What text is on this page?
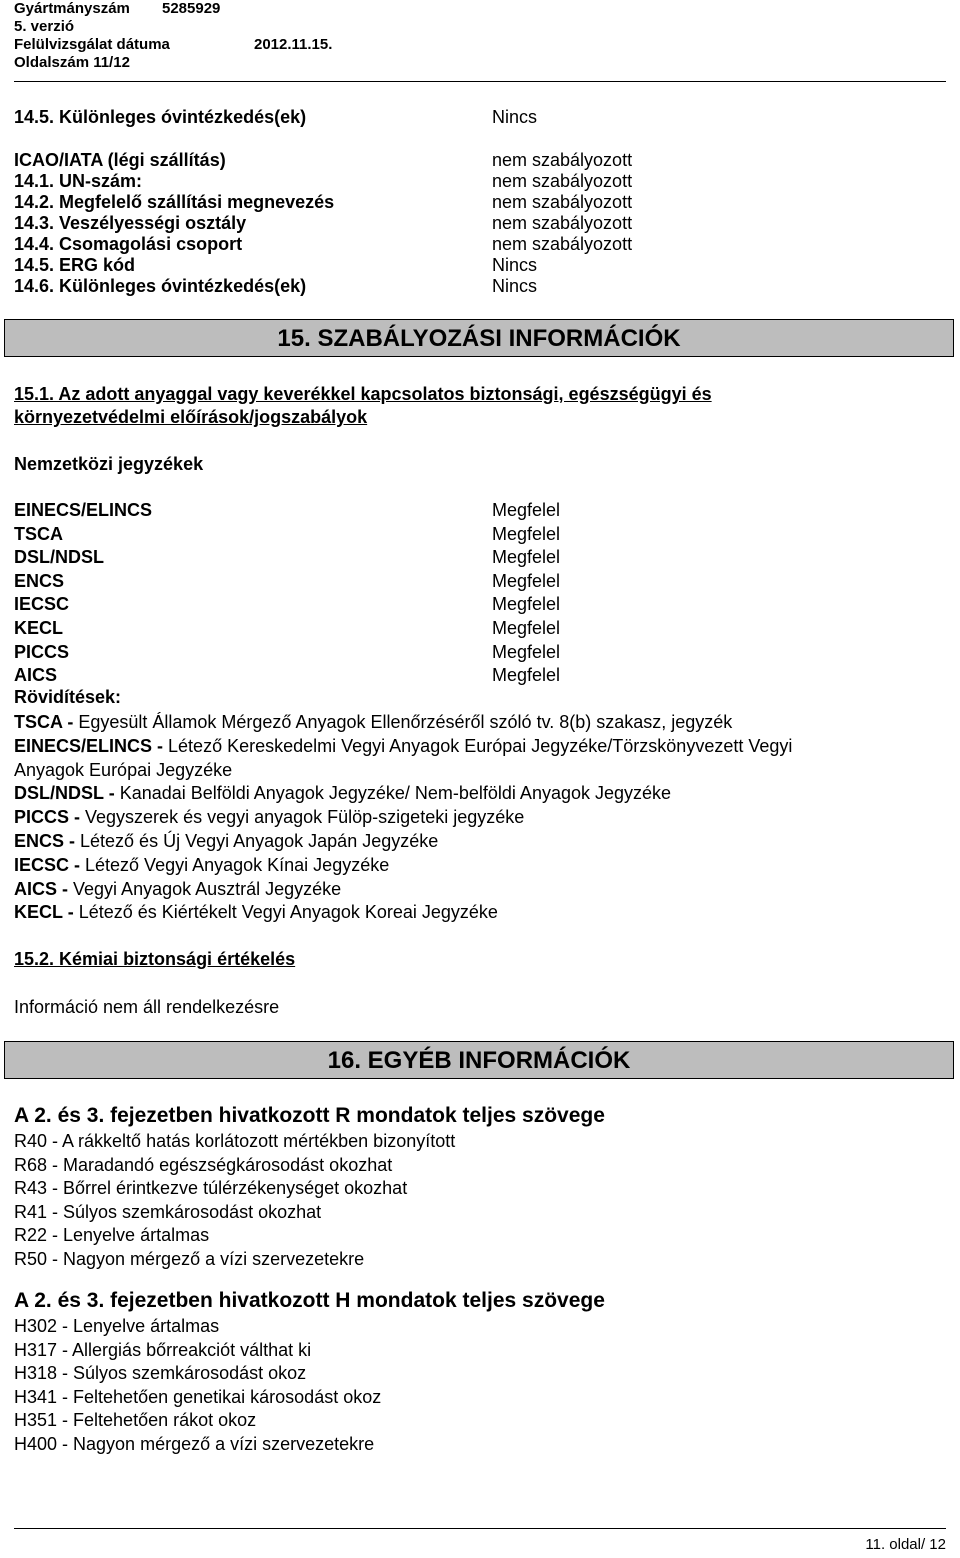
Gyártmányszám 5285929
5. verzió
Felülvizsgálat dátuma	2012.11.15.
Oldalszám 11/12
14.5. Különleges óvintézkedés(ek)	Nincs
ICAO/IATA (légi szállítás)	nem szabályozott
14.1. UN-szám:	nem szabályozott
14.2. Megfelelő szállítási megnevezés	nem szabályozott
14.3. Veszélyességi osztály	nem szabályozott
14.4. Csomagolási csoport	nem szabályozott
14.5. ERG kód	Nincs
14.6. Különleges óvintézkedés(ek)	Nincs
15. SZABÁLYOZÁSI INFORMÁCIÓK
15.1. Az adott anyaggal vagy keverékkel kapcsolatos biztonsági, egészségügyi és
környezetvédelmi előírások/jogszabályok
Nemzetközi jegyzékek
EINECS/ELINCS	Megfelel
TSCA	Megfelel
DSL/NDSL	Megfelel
ENCS	Megfelel
IECSC	Megfelel
KECL	Megfelel
PICCS	Megfelel
AICS	Megfelel
Rövidítések:
TSCA - Egyesült Államok Mérgező Anyagok Ellenőrzéséről szóló tv. 8(b) szakasz, jegyzék
EINECS/ELINCS - Létező Kereskedelmi Vegyi Anyagok Európai Jegyzéke/Törzskönyvezett Vegyi
Anyagok Európai Jegyzéke
DSL/NDSL - Kanadai Belföldi Anyagok Jegyzéke/ Nem-belföldi Anyagok Jegyzéke
PICCS - Vegyszerek és vegyi anyagok Fülöp-szigeteki jegyzéke
ENCS - Létező és Új Vegyi Anyagok Japán Jegyzéke
IECSC - Létező Vegyi Anyagok Kínai Jegyzéke
AICS - Vegyi Anyagok Ausztrál Jegyzéke
KECL - Létező és Kiértékelt Vegyi Anyagok Koreai Jegyzéke
15.2. Kémiai biztonsági értékelés
Információ nem áll rendelkezésre
16. EGYÉB INFORMÁCIÓK
A 2. és 3. fejezetben hivatkozott R mondatok teljes szövege
R40 - A rákkeltő hatás korlátozott mértékben bizonyított
R68 - Maradandó egészségkárosodást okozhat
R43 - Bőrrel érintkezve túlérzékenységet okozhat
R41 - Súlyos szemkárosodást okozhat
R22 - Lenyelve ártalmas
R50 - Nagyon mérgező a vízi szervezetekre
A 2. és 3. fejezetben hivatkozott H mondatok teljes szövege
H302 - Lenyelve ártalmas
H317 - Allergiás bőrreakciót válthat ki
H318 - Súlyos szemkárosodást okoz
H341 - Feltehetően genetikai károsodást okoz
H351 - Feltehetően rákot okoz
H400 - Nagyon mérgező a vízi szervezetekre
11. oldal/ 12
